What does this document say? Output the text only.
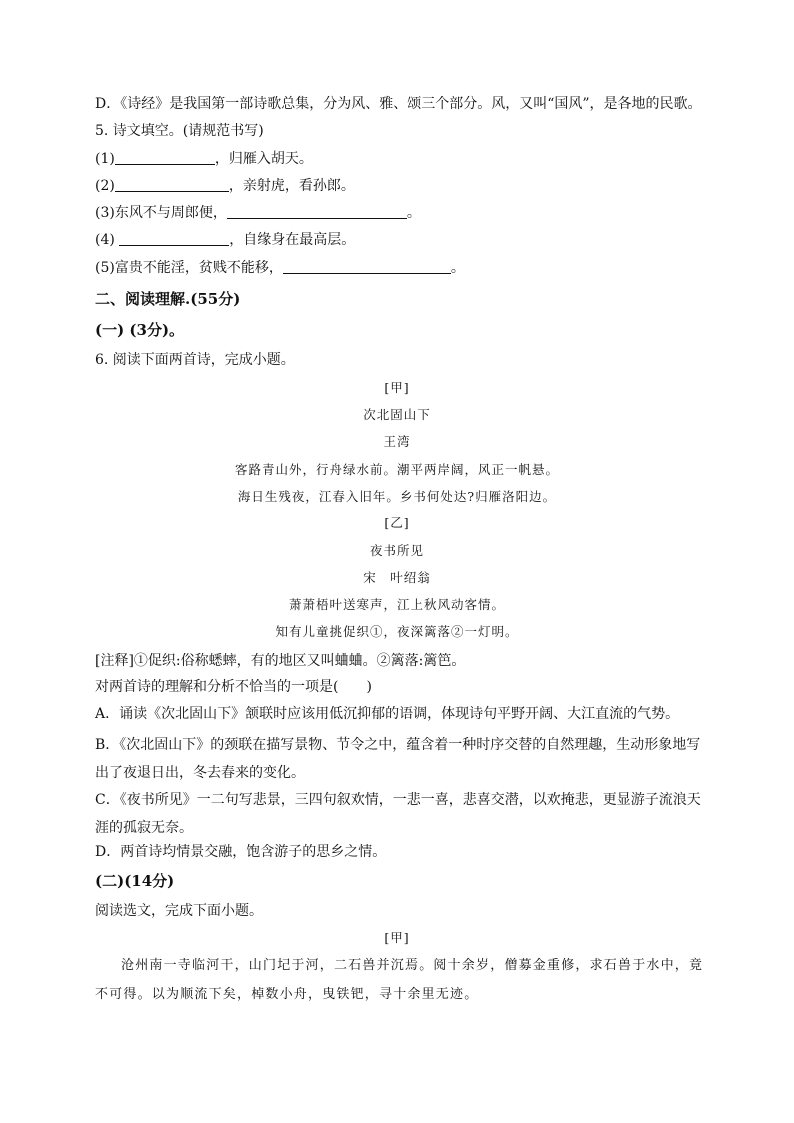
D．《诗经》是我国第一部诗歌总集，分为风、雅、颂三个部分。风，又叫“国风”，是各地的民歌。
5. 诗文填空。(请规范书写)
(1)	，归雁入胡天。
(2)	，亲射虎，看孙郎。
(3)东风不与周郎便，	。
(4)	，自缘身在最高层。
(5)富贵不能淫，贫贱不能移，	。
二、阅读理解.(55分)
(一) (3分)。
6. 阅读下面两首诗，完成小题。
[甲]
次北固山下
王湾
客路青山外，行舟绿水前。潮平两岸阔，风正一帆悬。
海日生残夜，江春入旧年。乡书何处达?归雁洛阳边。
[乙]
夜书所见
宋　叶绍翁
萧萧梧叶送寒声，江上秋风动客情。
知有儿童挑促织①，夜深篱落②一灯明。
[注释]①促织:俗称蟋蟀，有的地区又叫蛐蛐。②篱落:篱笆。
对两首诗的理解和分析不恰当的一项是(　　)
A．诵读《次北固山下》颔联时应该用低沉抑郁的语调，体现诗句平野开阔、大江直流的气势。
B．《次北固山下》的颈联在描写景物、节令之中，蕴含着一种时序交替的自然理趣，生动形象地写出了夜退日出，冬去春来的变化。
C．《夜书所见》一二句写悲景，三四句叙欢情，一悲一喜，悲喜交潜，以欢掩悲，更显游子流浪天涯的孤寂无奈。
D．两首诗均情景交融，饱含游子的思乡之情。
(二)(14分)
阅读选文，完成下面小题。
[甲]
沧州南一寺临河干，山门圮于河，二石兽并沉焉。阅十余岁，僧募金重修，求石兽于水中，竟不可得。以为顺流下矣，棹数小舟，曳铁钯，寻十余里无迹。
